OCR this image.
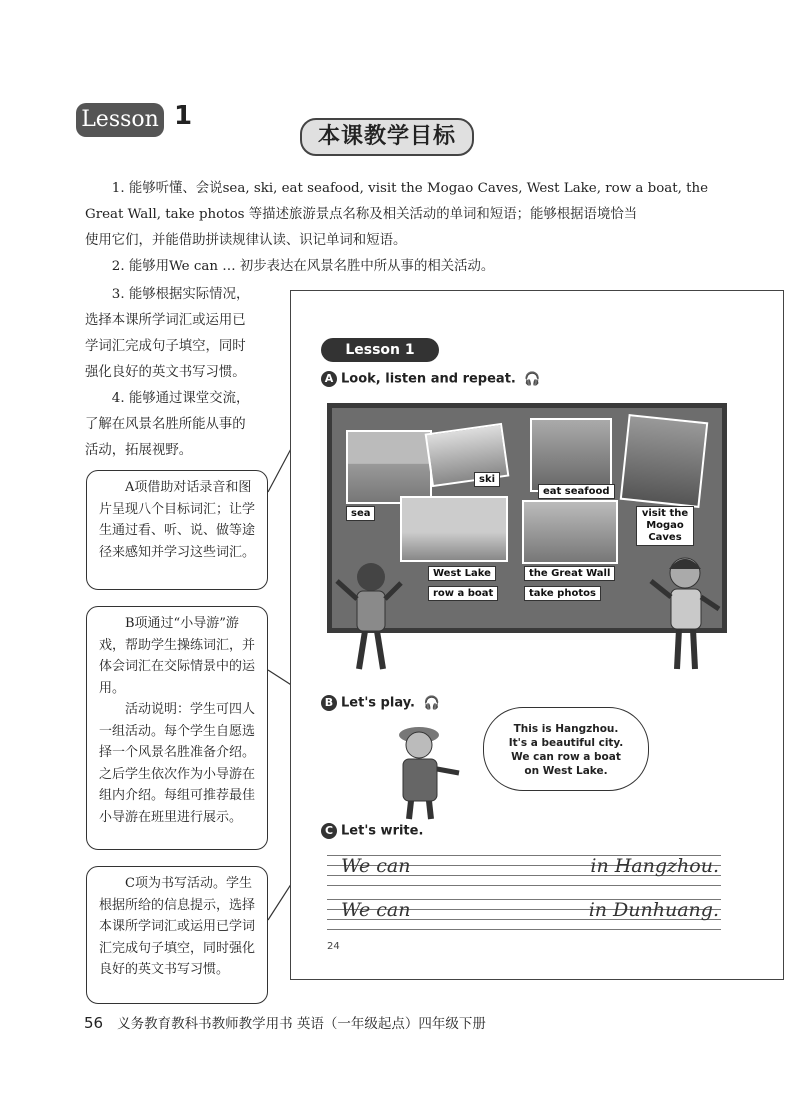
Lesson 1
本课教学目标
1. 能够听懂、会说sea, ski, eat seafood, visit the Mogao Caves, West Lake, row a boat, the
Great Wall, take photos 等描述旅游景点名称及相关活动的单词和短语；能够根据语境恰当
使用它们，并能借助拼读规律认读、识记单词和短语。
2. 能够用We can … 初步表达在风景名胜中所从事的相关活动。
3. 能够根据实际情况，
选择本课所学词汇或运用已
学词汇完成句子填空，同时
强化良好的英文书写习惯。
4. 能够通过课堂交流，
了解在风景名胜所能从事的
活动，拓展视野。

A项借助对话录音和图片呈现八个目标词汇；让学生通过看、听、说、做等途径来感知并学习这些词汇。

B项通过“小导游”游戏，帮助学生操练词汇，并体会词汇在交际情景中的运用。

活动说明：学生可四人一组活动。每个学生自愿选择一个风景名胜准备介绍。之后学生依次作为小导游在组内介绍。每组可推荐最佳小导游在班里进行展示。

C项为书写活动。学生根据所给的信息提示，选择本课所学词汇或运用已学词汇完成句子填空，同时强化良好的英文书写习惯。

Lesson 1
A Look, listen and repeat. 🎧
sea
ski
eat seafood
visit the Mogao Caves
West Lake
row a boat
the Great Wall
take photos
B Let's play. 🎧
This is Hangzhou.
It's a beautiful city.
We can row a boat
on West Lake.
C Let's write.
We can	in Hangzhou.
We can	in Dunhuang.
24
56 义务教育教科书教师教学用书 英语（一年级起点）四年级下册
